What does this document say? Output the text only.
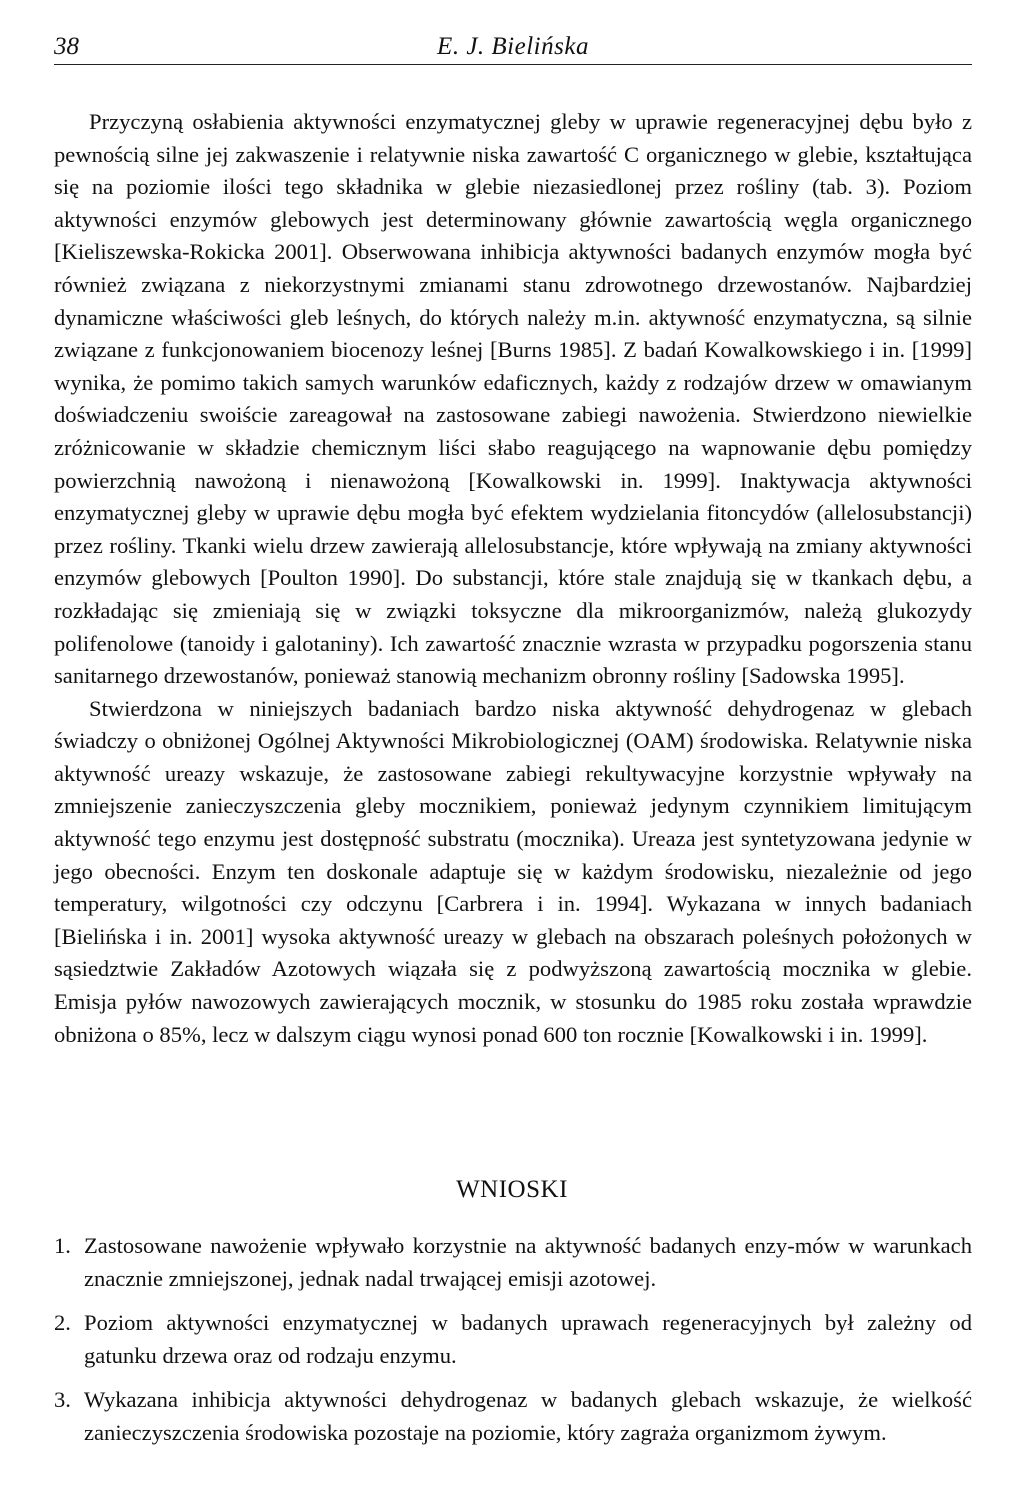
38	E. J. Bielińska

Przyczyną osłabienia aktywności enzymatycznej gleby w uprawie regeneracyjnej dębu było z pewnością silne jej zakwaszenie i relatywnie niska zawartość C organicznego w glebie, kształtująca się na poziomie ilości tego składnika w glebie niezasiedlonej przez rośliny (tab. 3). Poziom aktywności enzymów glebowych jest determinowany głównie zawartością węgla organicznego [Kieliszewska-Rokicka 2001]. Obserwowana inhibicja aktywności badanych enzymów mogła być również związana z niekorzystnymi zmianami stanu zdrowotnego drzewostanów. Najbardziej dynamiczne właściwości gleb leśnych, do których należy m.in. aktywność enzymatyczna, są silnie związane z funkcjonowaniem biocenozy leśnej [Burns 1985]. Z badań Kowalkowskiego i in. [1999] wynika, że pomimo takich samych warunków edaficznych, każdy z rodzajów drzew w omawianym doświadczeniu swoiście zareagował na zastosowane zabiegi nawożenia. Stwierdzono niewielkie zróżnicowanie w składzie chemicznym liści słabo reagującego na wapnowanie dębu pomiędzy powierzchnią nawożoną i nienawożoną [Kowalkowski in. 1999]. Inaktywacja aktywności enzymatycznej gleby w uprawie dębu mogła być efektem wydzielania fitoncydów (allelosubstancji) przez rośliny. Tkanki wielu drzew zawierają allelosubstancje, które wpływają na zmiany aktywności enzymów glebowych [Poulton 1990]. Do substancji, które stale znajdują się w tkankach dębu, a rozkładając się zmieniają się w związki toksyczne dla mikroorganizmów, należą glukozydy polifenolowe (tanoidy i galotaniny). Ich zawartość znacznie wzrasta w przypadku pogorszenia stanu sanitarnego drzewostanów, ponieważ stanowią mechanizm obronny rośliny [Sadowska 1995].

Stwierdzona w niniejszych badaniach bardzo niska aktywność dehydrogenaz w glebach świadczy o obniżonej Ogólnej Aktywności Mikrobiologicznej (OAM) środowiska. Relatywnie niska aktywność ureazy wskazuje, że zastosowane zabiegi rekultywacyjne korzystnie wpływały na zmniejszenie zanieczyszczenia gleby mocznikiem, ponieważ jedynym czynnikiem limitującym aktywność tego enzymu jest dostępność substratu (mocznika). Ureaza jest syntetyzowana jedynie w jego obecności. Enzym ten doskonale adaptuje się w każdym środowisku, niezależnie od jego temperatury, wilgotności czy odczynu [Carbrera i in. 1994]. Wykazana w innych badaniach [Bielińska i in. 2001] wysoka aktywność ureazy w glebach na obszarach poleśnych położonych w sąsiedztwie Zakładów Azotowych wiązała się z podwyższoną zawartością mocznika w glebie. Emisja pyłów nawozowych zawierających mocznik, w stosunku do 1985 roku została wprawdzie obniżona o 85%, lecz w dalszym ciągu wynosi ponad 600 ton rocznie [Kowalkowski i in. 1999].

WNIOSKI
1. Zastosowane nawożenie wpływało korzystnie na aktywność badanych enzy-mów w warunkach znacznie zmniejszonej, jednak nadal trwającej emisji azotowej.
2. Poziom aktywności enzymatycznej w badanych uprawach regeneracyjnych był zależny od gatunku drzewa oraz od rodzaju enzymu.
3. Wykazana inhibicja aktywności dehydrogenaz w badanych glebach wskazuje, że wielkość zanieczyszczenia środowiska pozostaje na poziomie, który zagraża organizmom żywym.
